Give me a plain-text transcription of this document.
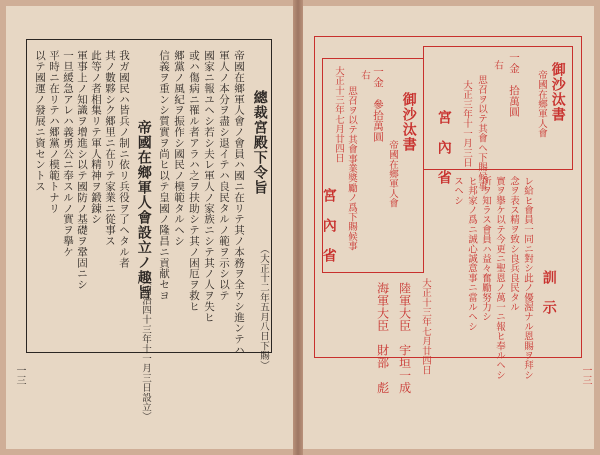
總裁宮殿下令旨
（大正十二年五月八日下賜）
帝國在鄉軍人會ノ會員ハ國ニ在リテ其ノ本務ヲ全ウシ進ンテハ
軍人ノ本分ヲ盡シ退イテハ良民タルノ範ヲ示シ以テ
國家ニ報ユヘシ若シ夫レ軍人ノ家族ニシテ其ノ人ヲ失ヒ
或ハ傷病ニ罹ル者アラハ之ヲ扶助シテ其ノ困厄ヲ救ヒ
郷黨ノ風紀ヲ振作シ國民ノ模範タルヘシ
信義ヲ重ンシ質實ヲ尚ヒ以テ皇國ノ隆昌ニ貢献セヨ
帝國在鄉軍人會設立ノ趣旨
（明治四十三年十一月三日設立）
我ガ國民ハ皆兵ノ制ニ依リ兵役ヲ了ヘタル者
其ノ數夥シク郷里ニ在リテ家業ニ從事ス
此等ノ者相集リテ軍人精神ヲ鍛錬シ
軍事上ノ知識ヲ增進シ以テ國防ノ基礎ヲ鞏固ニシ
一旦緩急アレハ義勇公ニ奉スルノ實ヲ擧ケ
平時ニ在リテハ郷黨ノ模範トナリ
以テ國運ノ發展ニ資セントス
一三
御沙汰書
帝國在鄉軍人會
一金　拾萬圓
右
思召ヲ以テ其會ヘ下賜候事
大正三年十一月三日
宮　內　省
御沙汰書
帝國在鄉軍人會
一金　參拾萬圓
右
思召ヲ以テ其會事業獎勵ノ爲下賜候事
大正十三年七月廿四日
宮　內　省
訓　示
レ給ヒ會員一同ニ對シ此ノ優渥ナル恩賜ヲ拜シ
念ヲ表ス精ヲ致シ良兵良民タル
實ヲ擧ケ以テ今更ニ聖恩ノ萬一ニ報ヒ奉ルヘシ
所ヲ知ラス會員ハ益々奮勵努力シ
ヒ邦家ノ爲ニ誠心誠意事ニ當ルヘシ
スヘシ
大正十三年七月廿四日
陸軍大臣　宇垣一成
海軍大臣　財部　彪	一三
